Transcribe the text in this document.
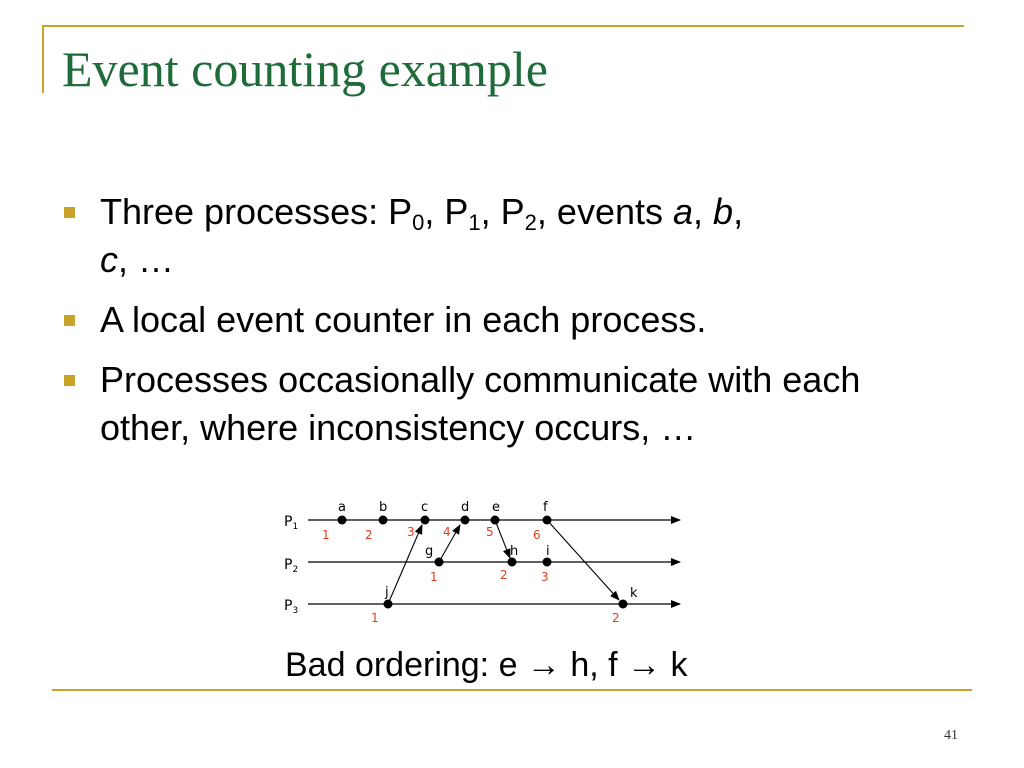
Event counting example
Three processes: $P_0$, $P_1$, $P_2$, events a, b,
c, …
A local event counter in each process.
Processes occasionally communicate with each other, where inconsistency occurs, …
$P_1$
$P_2$
$P_3$
a
1
b
2
c
3
d
4
e
5
f
6
g
1
h
2
i
3
j
1
k
2
Bad ordering: e → h, f → k
41
